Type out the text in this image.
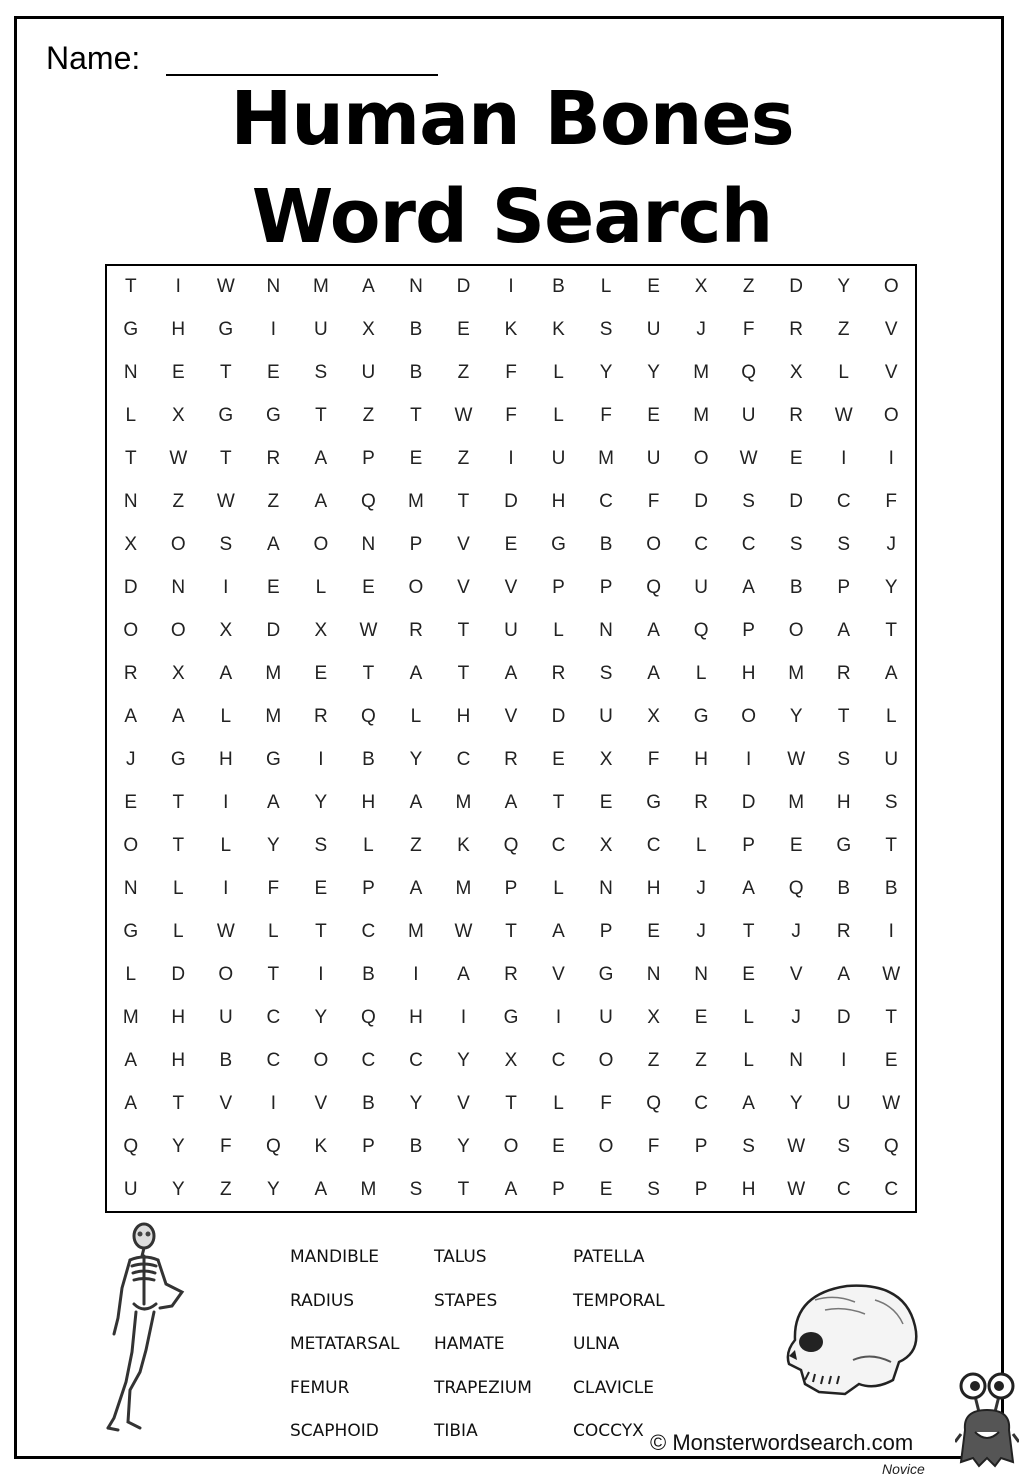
Name:
Human Bones
Word Search
T	I	W	N	M	A	N	D	I	B	L	E	X	Z	D	Y	O
G	H	G	I	U	X	B	E	K	K	S	U	J	F	R	Z	V
N	E	T	E	S	U	B	Z	F	L	Y	Y	M	Q	X	L	V
L	X	G	G	T	Z	T	W	F	L	F	E	M	U	R	W	O
T	W	T	R	A	P	E	Z	I	U	M	U	O	W	E	I	I
N	Z	W	Z	A	Q	M	T	D	H	C	F	D	S	D	C	F
X	O	S	A	O	N	P	V	E	G	B	O	C	C	S	S	J
D	N	I	E	L	E	O	V	V	P	P	Q	U	A	B	P	Y
O	O	X	D	X	W	R	T	U	L	N	A	Q	P	O	A	T
R	X	A	M	E	T	A	T	A	R	S	A	L	H	M	R	A
A	A	L	M	R	Q	L	H	V	D	U	X	G	O	Y	T	L
J	G	H	G	I	B	Y	C	R	E	X	F	H	I	W	S	U
E	T	I	A	Y	H	A	M	A	T	E	G	R	D	M	H	S
O	T	L	Y	S	L	Z	K	Q	C	X	C	L	P	E	G	T
N	L	I	F	E	P	A	M	P	L	N	H	J	A	Q	B	B
G	L	W	L	T	C	M	W	T	A	P	E	J	T	J	R	I
L	D	O	T	I	B	I	A	R	V	G	N	N	E	V	A	W
M	H	U	C	Y	Q	H	I	G	I	U	X	E	L	J	D	T
A	H	B	C	O	C	C	Y	X	C	O	Z	Z	L	N	I	E
A	T	V	I	V	B	Y	V	T	L	F	Q	C	A	Y	U	W
Q	Y	F	Q	K	P	B	Y	O	E	O	F	P	S	W	S	Q
U	Y	Z	Y	A	M	S	T	A	P	E	S	P	H	W	C	C
MANDIBLE
RADIUS
METATARSAL
FEMUR
SCAPHOID
TALUS
STAPES
HAMATE
TRAPEZIUM
TIBIA
PATELLA
TEMPORAL
ULNA
CLAVICLE
COCCYX © Monsterwordsearch.com
Novice
